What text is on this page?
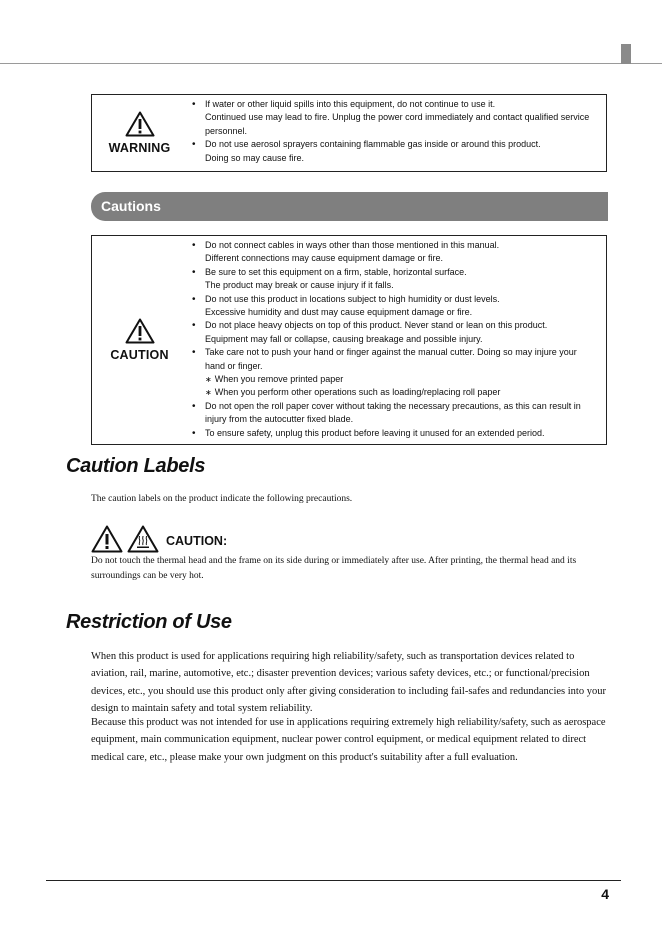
WARNING
• If water or other liquid spills into this equipment, do not continue to use it.
Continued use may lead to fire. Unplug the power cord immediately and contact qualified service personnel.
• Do not use aerosol sprayers containing flammable gas inside or around this product.
Doing so may cause fire.
Cautions
CAUTION
• Do not connect cables in ways other than those mentioned in this manual.
Different connections may cause equipment damage or fire.
• Be sure to set this equipment on a firm, stable, horizontal surface.
The product may break or cause injury if it falls.
• Do not use this product in locations subject to high humidity or dust levels.
Excessive humidity and dust may cause equipment damage or fire.
• Do not place heavy objects on top of this product. Never stand or lean on this product.
Equipment may fall or collapse, causing breakage and possible injury.
• Take care not to push your hand or finger against the manual cutter. Doing so may injure your hand or finger.
∗ When you remove printed paper
∗ When you perform other operations such as loading/replacing roll paper
• Do not open the roll paper cover without taking the necessary precautions, as this can result in injury from the autocutter fixed blade.
• To ensure safety, unplug this product before leaving it unused for an extended period.
Caution Labels

The caution labels on the product indicate the following precautions.

CAUTION:

Do not touch the thermal head and the frame on its side during or immediately after use. After printing, the thermal head and its surroundings can be very hot.

Restriction of Use

When this product is used for applications requiring high reliability/safety, such as transportation devices related to aviation, rail, marine, automotive, etc.; disaster prevention devices; various safety devices, etc.; or functional/precision devices, etc., you should use this product only after giving consideration to including fail-safes and redundancies into your design to maintain safety and total system reliability.

Because this product was not intended for use in applications requiring extremely high reliability/safety, such as aerospace equipment, main communication equipment, nuclear power control equipment, or medical equipment related to direct medical care, etc., please make your own judgment on this product's suitability after a full evaluation.

4
